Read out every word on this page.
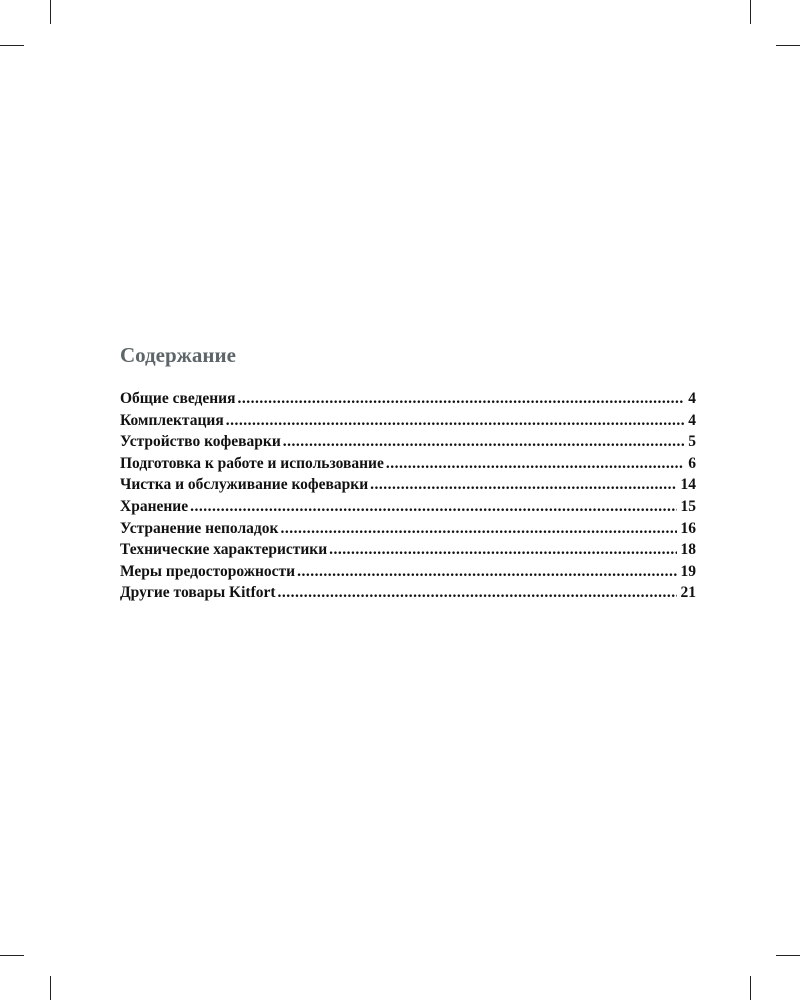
Содержание
Общие сведения .....	4
Комплектация .....	4
Устройство кофеварки .....	5
Подготовка к работе и использование .....	6
Чистка и обслуживание кофеварки .....	14
Хранение .....	15
Устранение неполадок .....	16
Технические характеристики .....	18
Меры предосторожности .....	19
Другие товары Kitfort .....	21
